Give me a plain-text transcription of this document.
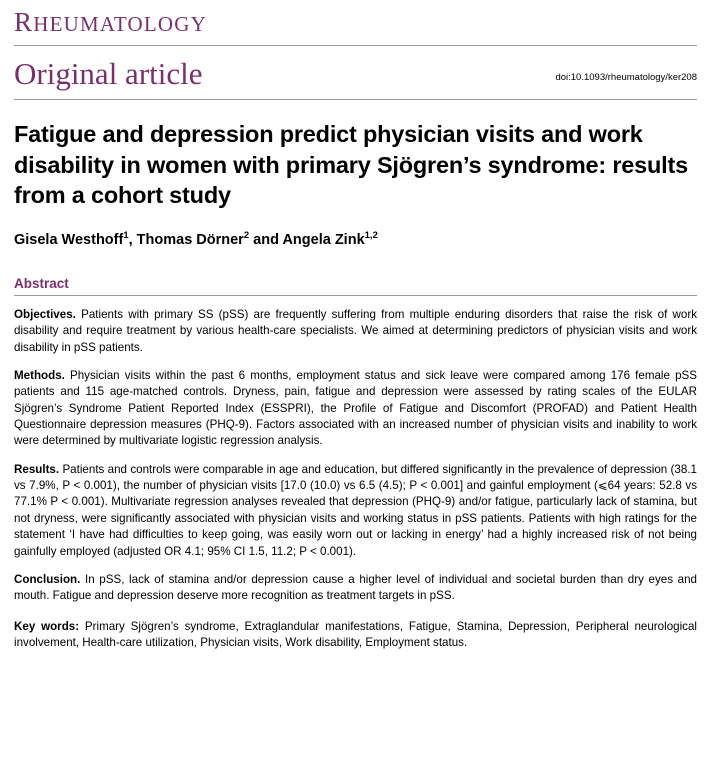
RHEUMATOLOGY
Original article	doi:10.1093/rheumatology/ker208
Fatigue and depression predict physician visits and work disability in women with primary Sjögren’s syndrome: results from a cohort study
Gisela Westhoff$^1$, Thomas Dörner$^2$ and Angela Zink$^{1,2}$
Abstract

Objectives. Patients with primary SS (pSS) are frequently suffering from multiple enduring disorders that raise the risk of work disability and require treatment by various health-care specialists. We aimed at determining predictors of physician visits and work disability in pSS patients.

Methods. Physician visits within the past 6 months, employment status and sick leave were compared among 176 female pSS patients and 115 age-matched controls. Dryness, pain, fatigue and depression were assessed by rating scales of the EULAR Sjögren’s Syndrome Patient Reported Index (ESSPRI), the Profile of Fatigue and Discomfort (PROFAD) and Patient Health Questionnaire depression measures (PHQ-9). Factors associated with an increased number of physician visits and inability to work were determined by multivariate logistic regression analysis.

Results. Patients and controls were comparable in age and education, but differed significantly in the prevalence of depression (38.1 vs 7.9%, P < 0.001), the number of physician visits [17.0 (10.0) vs 6.5 (4.5); P < 0.001] and gainful employment (⩽64 years: 52.8 vs 77.1% P < 0.001). Multivariate regression analyses revealed that depression (PHQ-9) and/or fatigue, particularly lack of stamina, but not dryness, were significantly associated with physician visits and working status in pSS patients. Patients with high ratings for the statement ‘I have had difficulties to keep going, was easily worn out or lacking in energy’ had a highly increased risk of not being gainfully employed (adjusted OR 4.1; 95% CI 1.5, 11.2; P < 0.001).

Conclusion. In pSS, lack of stamina and/or depression cause a higher level of individual and societal burden than dry eyes and mouth. Fatigue and depression deserve more recognition as treatment targets in pSS.

Key words: Primary Sjögren’s syndrome, Extraglandular manifestations, Fatigue, Stamina, Depression, Peripheral neurological involvement, Health-care utilization, Physician visits, Work disability, Employment status.
